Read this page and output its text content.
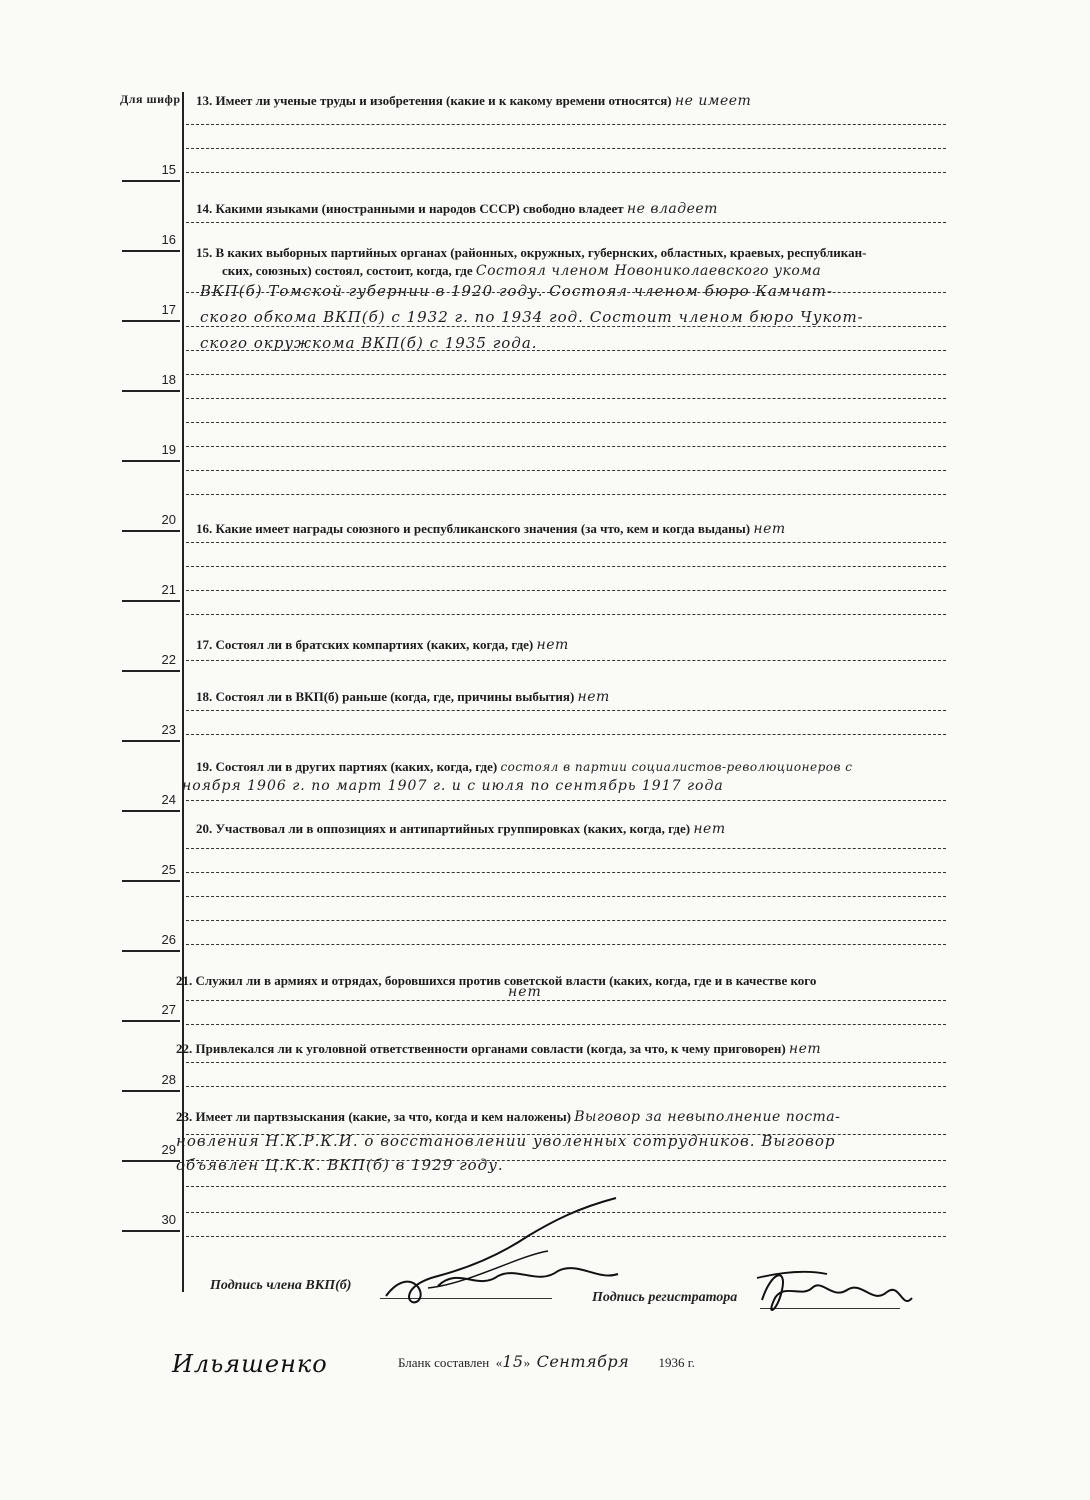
Для шифр
15
16
17
18
19
20
21
22
23
24
25
26
27
28
29
30
13. Имеет ли ученые труды и изобретения (какие и к какому времени относятся) не имеет
14. Какими языками (иностранными и народов СССР) свободно владеет не владеет
15. В каких выборных партийных органах (районных, окружных, губернских, областных, краевых, республикан-
ских, союзных) состоял, состоит, когда, где Состоял членом Новониколаевского укома
ВКП(б) Томской губернии в 1920 году. Состоял членом бюро Камчат-
ского обкома ВКП(б) с 1932 г. по 1934 год. Состоит членом бюро Чукот-
ского окружкома ВКП(б) с 1935 года.
16. Какие имеет награды союзного и республиканского значения (за что, кем и когда выданы) нет
17. Состоял ли в братских компартиях (каких, когда, где) нет
18. Состоял ли в ВКП(б) раньше (когда, где, причины выбытия) нет
19. Состоял ли в других партиях (каких, когда, где) состоял в партии социалистов-революционеров с
ноября 1906 г. по март 1907 г. и с июля по сентябрь 1917 года
20. Участвовал ли в оппозициях и антипартийных группировках (каких, когда, где) нет
21. Служил ли в армиях и отрядах, боровшихся против советской власти (каких, когда, где и в качестве кого
нет
22. Привлекался ли к уголовной ответственности органами совласти (когда, за что, к чему приговорен) нет
23. Имеет ли партвзыскания (какие, за что, когда и кем наложены) Выговор за невыполнение поста-
новления Н.К.Р.К.И. о восстановлении уволенных сотрудников. Выговор
объявлен Ц.К.К. ВКП(б) в 1929 году.
Подпись члена ВКП(б)
Подпись регистратора
Бланк составлен  «15»  Сентября 1936 г.
Ильяшенко
